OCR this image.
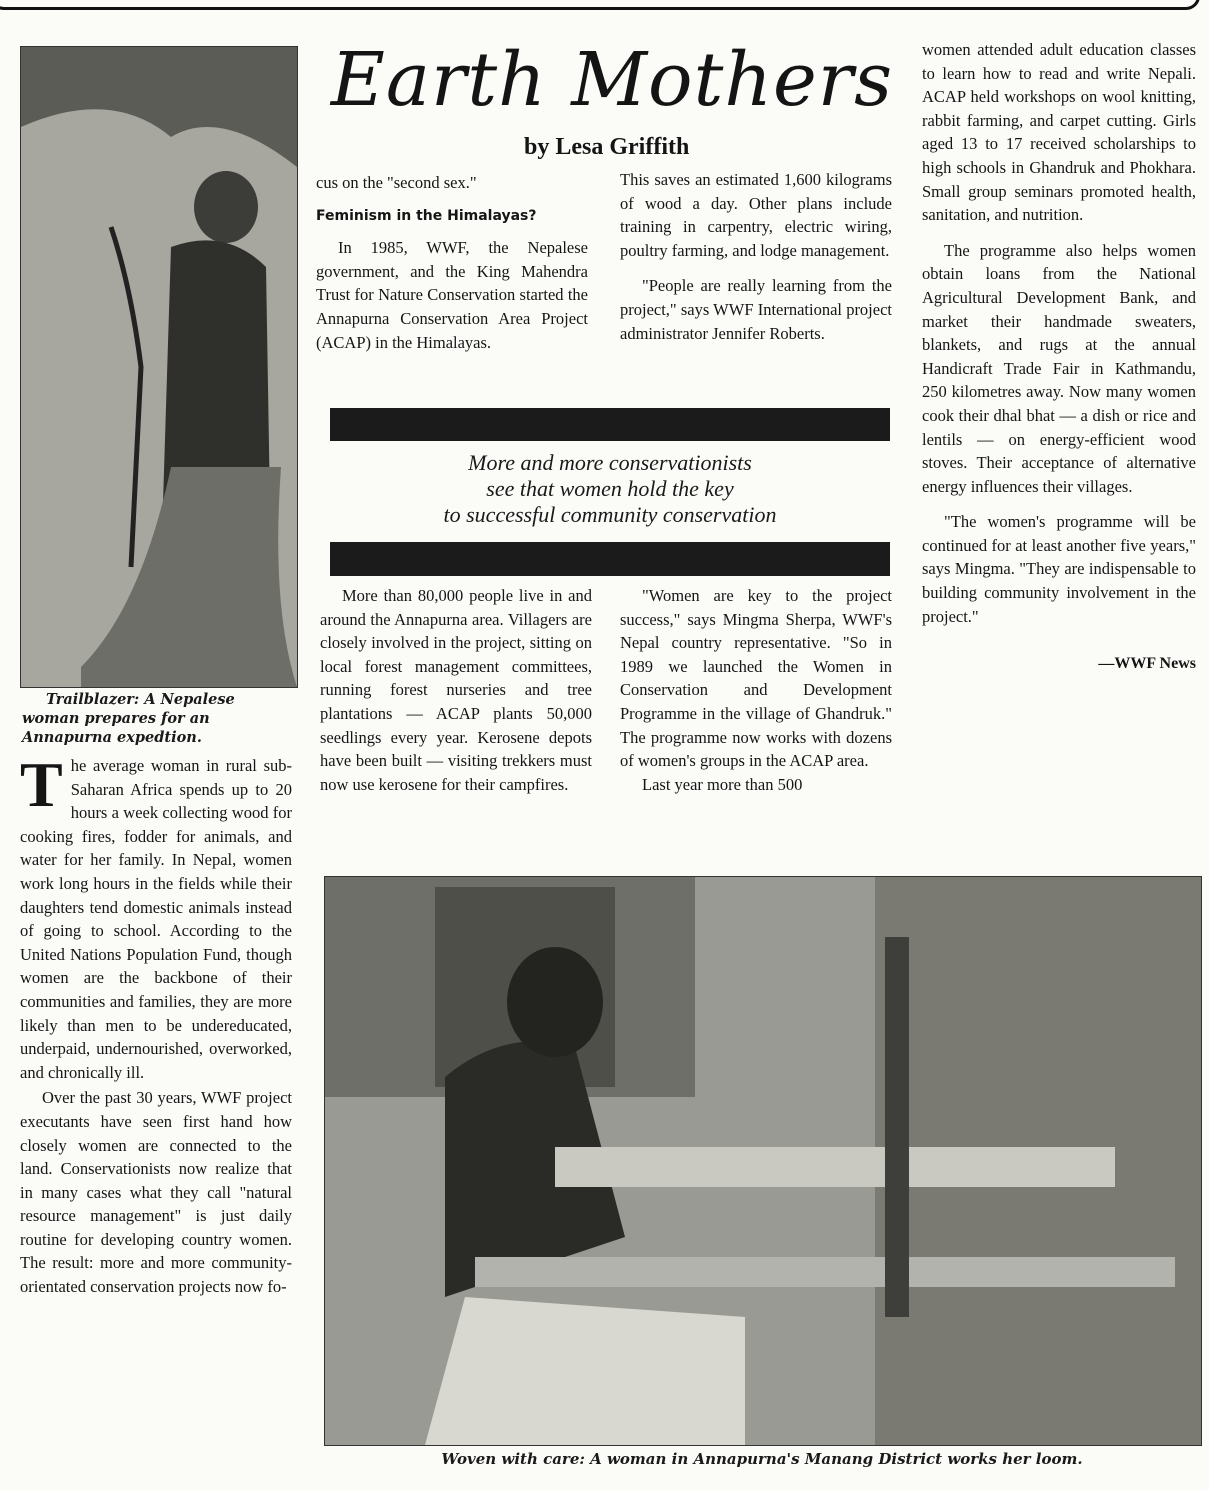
Trailblazer: A Nepalese woman prepares for an Annapurna expedtion.
Earth Mothers
by Lesa Griffith

The average woman in rural sub-Saharan Africa spends up to 20 hours a week collecting wood for cooking fires, fodder for animals, and water for her family. In Nepal, women work long hours in the fields while their daughters tend domestic animals instead of going to school. According to the United Nations Population Fund, though women are the backbone of their communities and families, they are more likely than men to be undereducated, underpaid, undernourished, overworked, and chronically ill.

Over the past 30 years, WWF project executants have seen first hand how closely women are connected to the land. Conservationists now realize that in many cases what they call "natural resource management" is just daily routine for developing country women. The result: more and more community-orientated conservation projects now fo-

cus on the "second sex."

Feminism in the Himalayas?

In 1985, WWF, the Nepalese government, and the King Mahendra Trust for Nature Conservation started the Annapurna Conservation Area Project (ACAP) in the Himalayas.

This saves an estimated 1,600 kilograms of wood a day. Other plans include training in carpentry, electric wiring, poultry farming, and lodge management.

"People are really learning from the project," says WWF International project administrator Jennifer Roberts.

More and more conservationists
see that women hold the key
to successful community conservation

More than 80,000 people live in and around the Annapurna area. Villagers are closely involved in the project, sitting on local forest management committees, running forest nurseries and tree plantations — ACAP plants 50,000 seedlings every year. Kerosene depots have been built — visiting trekkers must now use kerosene for their campfires.

"Women are key to the project success," says Mingma Sherpa, WWF's Nepal country representative. "So in 1989 we launched the Women in Conservation and Development Programme in the village of Ghandruk." The programme now works with dozens of women's groups in the ACAP area.

Last year more than 500

women attended adult education classes to learn how to read and write Nepali. ACAP held workshops on wool knitting, rabbit farming, and carpet cutting. Girls aged 13 to 17 received scholarships to high schools in Ghandruk and Phokhara. Small group seminars promoted health, sanitation, and nutrition.

The programme also helps women obtain loans from the National Agricultural Development Bank, and market their handmade sweaters, blankets, and rugs at the annual Handicraft Trade Fair in Kathmandu, 250 kilometres away. Now many women cook their dhal bhat — a dish or rice and lentils — on energy-efficient wood stoves. Their acceptance of alternative energy influences their villages.

"The women's programme will be continued for at least another five years," says Mingma. "They are indispensable to building community involvement in the project."

—WWF News

Woven with care: A woman in Annapurna's Manang District works her loom.
